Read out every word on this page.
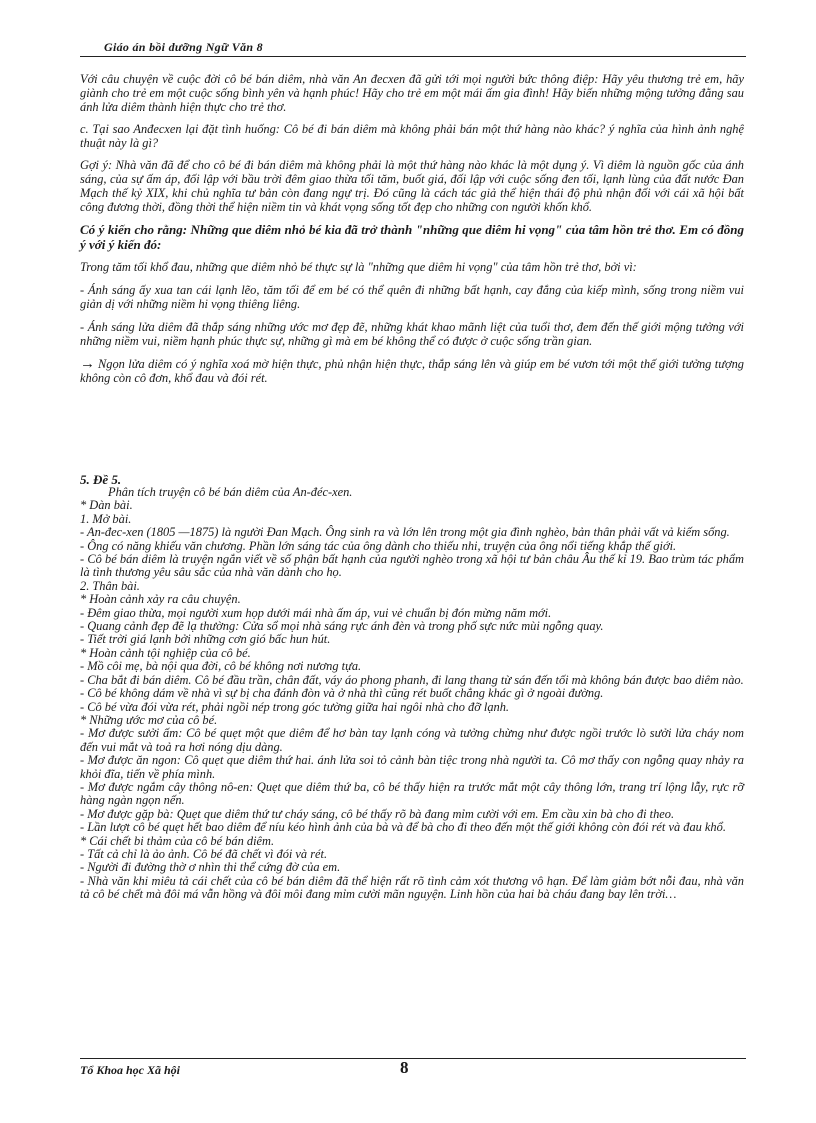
Giáo án bồi dưỡng Ngữ Văn 8

Với câu chuyện về cuộc đời cô bé bán diêm, nhà văn An đecxen đã gửi tới mọi người bức thông điệp: Hãy yêu thương trẻ em, hãy giành cho trẻ em một cuộc sống bình yên và hạnh phúc! Hãy cho trẻ em một mái ấm gia đình! Hãy biến những mộng tưởng đằng sau ánh lửa diêm thành hiện thực cho trẻ thơ.

c. Tại sao Anđecxen lại đặt tình huống: Cô bé đi bán diêm mà không phải bán một thứ hàng nào khác? ý nghĩa của hình ảnh nghệ thuật này là gì?

Gợi ý: Nhà văn đã để cho cô bé đi bán diêm mà không phải là một thứ hàng nào khác là một dụng ý. Vì diêm là nguồn gốc của ánh sáng, của sự ấm áp, đối lập với bầu trời đêm giao thừa tối tăm, buốt giá, đối lập với cuộc sống đen tối, lạnh lùng của đất nước Đan Mạch thế kỷ XIX, khi chủ nghĩa tư bản còn đang ngự trị. Đó cũng là cách tác giả thể hiện thái độ phủ nhận đối với cái xã hội bất công đương thời, đồng thời thể hiện niềm tin và khát vọng sống tốt đẹp cho những con người khốn khổ.

Có ý kiến cho rằng: Những que diêm nhỏ bé kia đã trở thành "những que diêm hi vọng" của tâm hồn trẻ thơ. Em có đồng ý với ý kiến đó:

Trong tăm tối khổ đau, những que diêm nhỏ bé thực sự là "những que diêm hi vọng" của tâm hồn trẻ thơ, bởi vì:

- Ánh sáng ấy xua tan cái lạnh lẽo, tăm tối để em bé có thể quên đi những bất hạnh, cay đắng của kiếp mình, sống trong niềm vui giản dị với những niềm hi vọng thiêng liêng.

- Ánh sáng lửa diêm đã thắp sáng những ước mơ đẹp đẽ, những khát khao mãnh liệt của tuổi thơ, đem đến thế giới mộng tưởng với những niềm vui, niềm hạnh phúc thực sự, những gì mà em bé không thể có được ở cuộc sống trần gian.

→ Ngọn lửa diêm có ý nghĩa xoá mờ hiện thực, phủ nhận hiện thực, thắp sáng lên và giúp em bé vươn tới một thế giới tưởng tượng không còn cô đơn, khổ đau và đói rét.

5. Đề 5.

Phân tích truyện cô bé bán diêm của An-đéc-xen.

* Dàn bài.

1. Mở bài.

- An-đec-xen (1805 —1875) là người Đan Mạch. Ông sinh ra và lớn lên trong một gia đình nghèo, bản thân phải vất vả kiếm sống.

- Ông có năng khiếu văn chương. Phần lớn sáng tác của ông dành cho thiếu nhi, truyện của ông nổi tiếng khắp thế giới.

- Cô bé bán diêm là truyện ngắn viết về số phận bất hạnh của người nghèo trong xã hội tư bản châu Âu thế kỉ 19. Bao trùm tác phẩm là tình thương yêu sâu sắc của nhà văn dành cho họ.

2. Thân bài.

* Hoàn cảnh xảy ra câu chuyện.

- Đêm giao thừa, mọi người xum họp dưới mái nhà ấm áp, vui vẻ chuẩn bị đón mừng năm mới.

- Quang cảnh đẹp đẽ lạ thường: Cửa sổ mọi nhà sáng rực ánh đèn và trong phố sực nức mùi ngỗng quay.

- Tiết trời giá lạnh bởi những cơn gió bấc hun hút.

* Hoàn cảnh tội nghiệp của cô bé.

- Mồ côi mẹ, bà nội qua đời, cô bé không nơi nương tựa.

- Cha bắt đi bán diêm. Cô bé đầu trần, chân đất, váy áo phong phanh, đi lang thang từ sán đến tối mà không bán được bao diêm nào.

- Cô bé không dám về nhà vì sự bị cha đánh đòn và ở nhà thì cũng rét buốt chẳng khác gì ở ngoài đường.

- Cô bé vừa đói vừa rét, phải ngồi nép trong góc tường giữa hai ngôi nhà cho đỡ lạnh.

* Những ước mơ của cô bé.

- Mơ được sưởi ấm: Cô bé quẹt một que diêm để hơ bàn tay lạnh cóng và tưởng chừng như được ngồi trước lò sưởi lửa cháy nom đến vui mắt và toả ra hơi nóng dịu dàng.

- Mơ được ăn ngon: Cô quẹt que diêm thứ hai. ánh lửa soi tỏ cảnh bàn tiệc trong nhà người ta. Cô mơ thấy con ngỗng quay nhảy ra khỏi đĩa, tiến về phía mình.

- Mơ được ngắm cây thông nô-en: Quẹt que diêm thứ ba, cô bé thấy hiện ra trước mắt một cây thông lớn, trang trí lộng lẫy, rực rỡ hàng ngàn ngọn nến.

- Mơ được gặp bà: Quẹt que diêm thứ tư cháy sáng, cô bé thấy rõ bà đang mỉm cười với em. Em cầu xin bà cho đi theo.

- Lần lượt cô bé quẹt hết bao diêm để níu kéo hình ảnh của bà và để bà cho đi theo đến một thế giới không còn đói rét và đau khổ.

* Cái chết bi thảm của cô bé bán diêm.

- Tất cả chỉ là ảo ảnh. Cô bé đã chết vì đói và rét.

- Người đi đường thờ ơ nhìn thi thể cứng đờ của em.

- Nhà văn khi miêu tả cái chết của cô bé bán diêm đã thể hiện rất rõ tình cảm xót thương vô hạn. Để làm giảm bớt nỗi đau, nhà văn tả cô bé chết mà đôi má vẫn hồng và đôi môi đang mỉm cười mãn nguyện. Linh hồn của hai bà cháu đang bay lên trời…

Tổ Khoa học Xã hội	8
